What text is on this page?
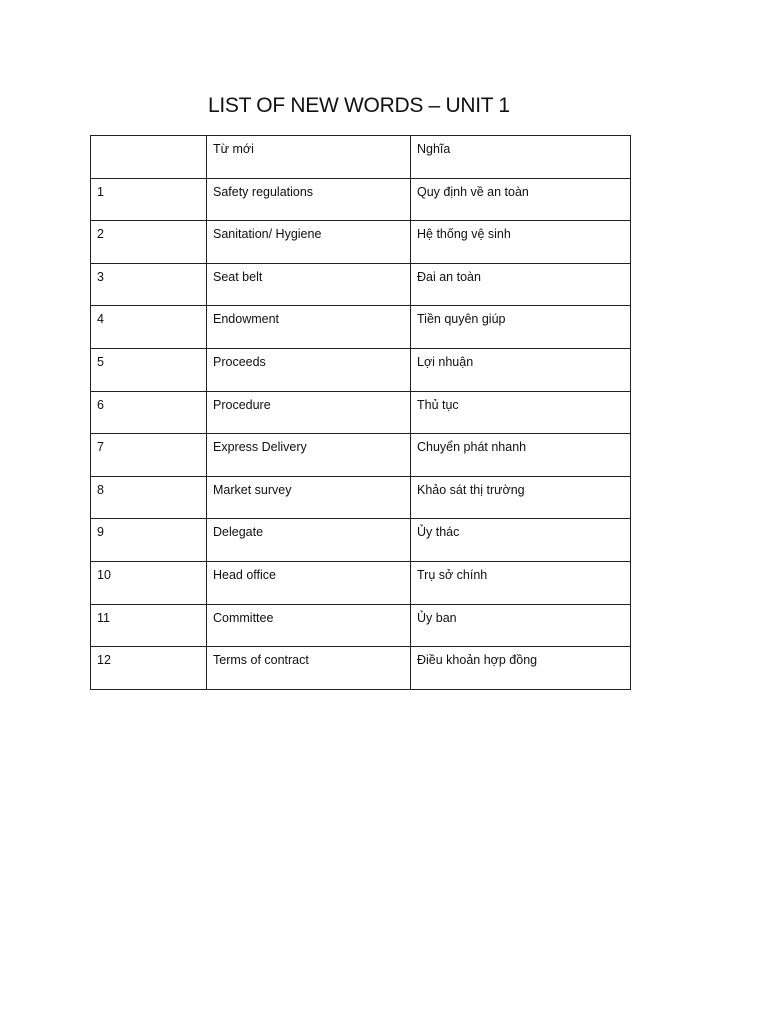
LIST OF NEW WORDS – UNIT 1
	Từ mới	Nghĩa
1	Safety regulations	Quy định về an toàn
2	Sanitation/ Hygiene	Hệ thống vệ sinh
3	Seat belt	Đai an toàn
4	Endowment	Tiền quyên giúp
5	Proceeds	Lợi nhuận
6	Procedure	Thủ tục
7	Express Delivery	Chuyển phát nhanh
8	Market survey	Khảo sát thị trường
9	Delegate	Ủy thác
10	Head office	Trụ sở chính
11	Committee	Ủy ban
12	Terms of contract	Điều khoản hợp đồng
